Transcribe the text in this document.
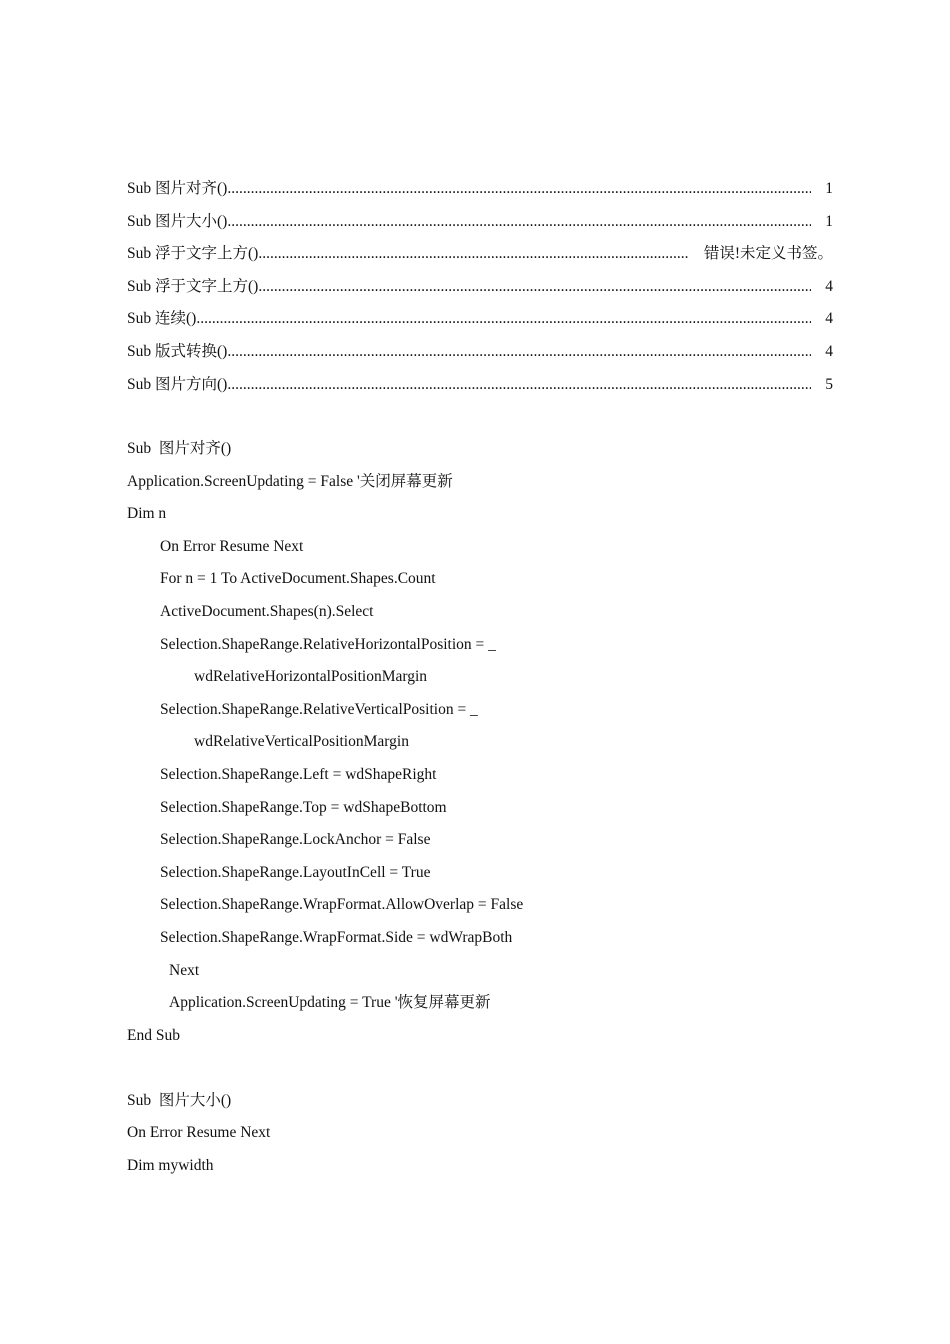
Sub 图片对齐() .....	1
Sub 图片大小() .....	1
Sub 浮于文字上方() .....	错误!未定义书签。
Sub 浮于文字上方() .....	4
Sub 连续() .....	4
Sub 版式转换() .....	4
Sub 图片方向() .....	5
Sub  图片对齐()
Application.ScreenUpdating = False '关闭屏幕更新
Dim n
On Error Resume Next
For n = 1 To ActiveDocument.Shapes.Count
ActiveDocument.Shapes(n).Select
Selection.ShapeRange.RelativeHorizontalPosition = _
wdRelativeHorizontalPositionMargin
Selection.ShapeRange.RelativeVerticalPosition = _
wdRelativeVerticalPositionMargin
Selection.ShapeRange.Left = wdShapeRight
Selection.ShapeRange.Top = wdShapeBottom
Selection.ShapeRange.LockAnchor = False
Selection.ShapeRange.LayoutInCell = True
Selection.ShapeRange.WrapFormat.AllowOverlap = False
Selection.ShapeRange.WrapFormat.Side = wdWrapBoth
Next
Application.ScreenUpdating = True '恢复屏幕更新
End Sub
Sub  图片大小()
On Error Resume Next
Dim mywidth
